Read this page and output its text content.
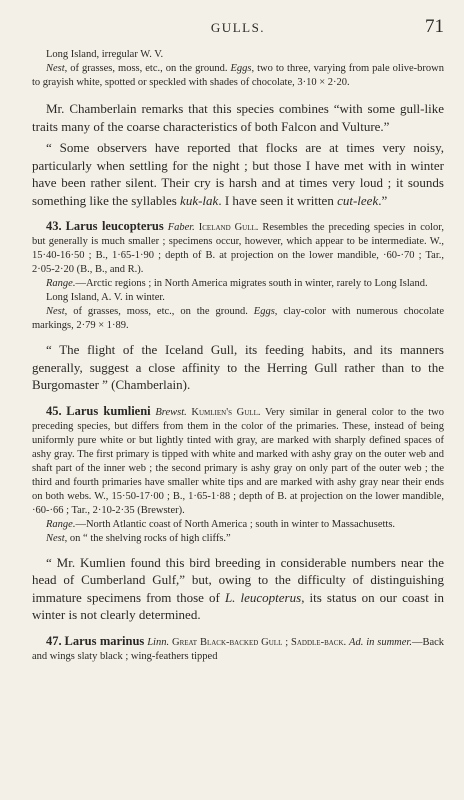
GULLS.	71

Long Island, irregular W. V.

Nest, of grasses, moss, etc., on the ground. Eggs, two to three, varying from pale olive-brown to grayish white, spotted or speckled with shades of chocolate, 3·10 × 2·20.

Mr. Chamberlain remarks that this species combines “with some gull-like traits many of the coarse characteristics of both Falcon and Vulture.”

“ Some observers have reported that flocks are at times very noisy, particularly when settling for the night ; but those I have met with in winter have been rather silent. Their cry is harsh and at times very loud ; it sounds something like the syllables kuk-lak. I have seen it written cut-leek.”

43. Larus leucopterus Faber. Iceland Gull. Resembles the preceding species in color, but generally is much smaller ; specimens occur, however, which appear to be intermediate. W., 15·40-16·50 ; B., 1·65-1·90 ; depth of B. at projection on the lower mandible, ·60-·70 ; Tar., 2·05-2·20 (B., B., and R.).

Range.—Arctic regions ; in North America migrates south in winter, rarely to Long Island.

Long Island, A. V. in winter.

Nest, of grasses, moss, etc., on the ground. Eggs, clay-color with numerous chocolate markings, 2·79 × 1·89.

“ The flight of the Iceland Gull, its feeding habits, and its manners generally, suggest a close affinity to the Herring Gull rather than to the Burgomaster ” (Chamberlain).

45. Larus kumlieni Brewst. Kumlien's Gull. Very similar in general color to the two preceding species, but differs from them in the color of the primaries. These, instead of being uniformly pure white or but lightly tinted with gray, are marked with sharply defined spaces of ashy gray. The first primary is tipped with white and marked with ashy gray on the outer web and shaft part of the inner web ; the second primary is ashy gray on only part of the outer web ; the third and fourth primaries have smaller white tips and are marked with ashy gray near their ends on both webs. W., 15·50-17·00 ; B., 1·65-1·88 ; depth of B. at projection on the lower mandible, ·60-·66 ; Tar., 2·10-2·35 (Brewster).

Range.—North Atlantic coast of North America ; south in winter to Massachusetts.

Nest, on “ the shelving rocks of high cliffs.”

“ Mr. Kumlien found this bird breeding in considerable numbers near the head of Cumberland Gulf,” but, owing to the difficulty of distinguishing immature specimens from those of L. leucopterus, its status on our coast in winter is not clearly determined.

47. Larus marinus Linn. Great Black-backed Gull ; Saddle-back. Ad. in summer.—Back and wings slaty black ; wing-feathers tipped
